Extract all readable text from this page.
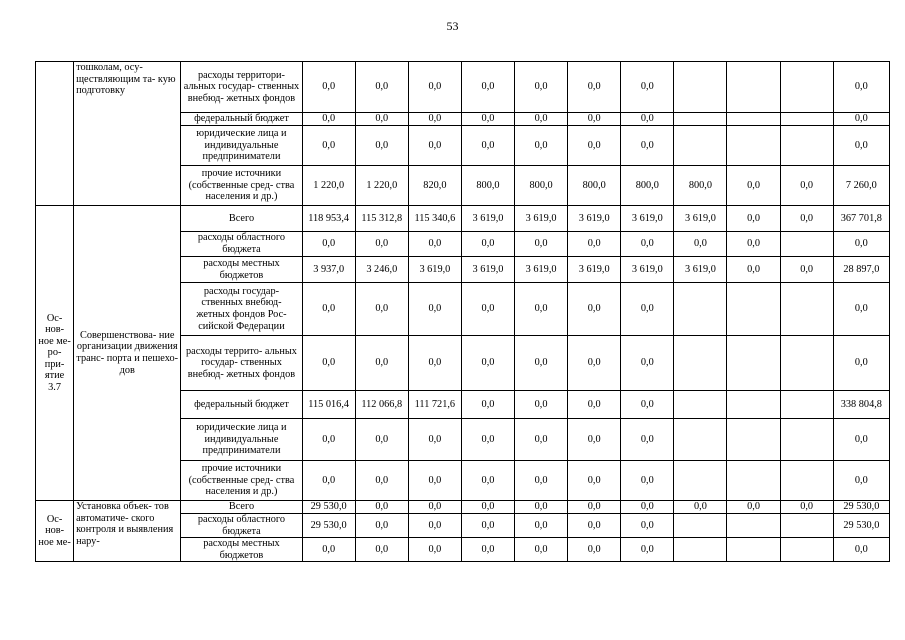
53
	тошколам, осу- ществляющим та- кую подготовку	расходы территори- альных государ- ственных внебюд- жетных фондов	0,0	0,0	0,0	0,0	0,0	0,0	0,0				0,0
		федеральный бюджет	0,0	0,0	0,0	0,0	0,0	0,0	0,0				0,0
		юридические лица и индивидуальные предприниматели	0,0	0,0	0,0	0,0	0,0	0,0	0,0				0,0
		прочие источники (собственные сред- ства населения и др.)	1 220,0	1 220,0	820,0	800,0	800,0	800,0	800,0	800,0	0,0	0,0	7 260,0
Ос- нов- ное ме- ро- при- ятие 3.7	Совершенствова- ние организации движения транс- порта и пешехо- дов	Всего	118 953,4	115 312,8	115 340,6	3 619,0	3 619,0	3 619,0	3 619,0	3 619,0	0,0	0,0	367 701,8
		расходы областного бюджета	0,0	0,0	0,0	0,0	0,0	0,0	0,0	0,0	0,0		0,0
		расходы местных бюджетов	3 937,0	3 246,0	3 619,0	3 619,0	3 619,0	3 619,0	3 619,0	3 619,0	0,0	0,0	28 897,0
		расходы государ- ственных внебюд- жетных фондов Рос- сийской Федерации	0,0	0,0	0,0	0,0	0,0	0,0	0,0				0,0
		расходы террито- альных государ- ственных внебюд- жетных фондов	0,0	0,0	0,0	0,0	0,0	0,0	0,0				0,0
		федеральный бюджет	115 016,4	112 066,8	111 721,6	0,0	0,0	0,0	0,0				338 804,8
		юридические лица и индивидуальные предприниматели	0,0	0,0	0,0	0,0	0,0	0,0	0,0				0,0
		прочие источники (собственные сред- ства населения и др.)	0,0	0,0	0,0	0,0	0,0	0,0	0,0				0,0
Ос- нов- ное ме-	Установка объек- тов автоматиче- ского контроля и выявления нару-	Всего	29 530,0	0,0	0,0	0,0	0,0	0,0	0,0	0,0	0,0	0,0	29 530,0
		расходы областного бюджета	29 530,0	0,0	0,0	0,0	0,0	0,0	0,0				29 530,0
		расходы местных бюджетов	0,0	0,0	0,0	0,0	0,0	0,0	0,0				0,0
